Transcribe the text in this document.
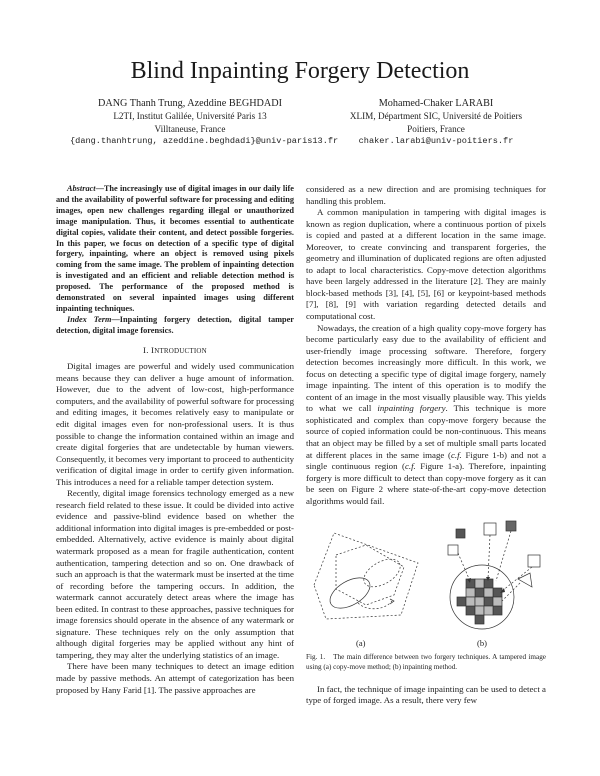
Blind Inpainting Forgery Detection
DANG Thanh Trung, Azeddine BEGHDADI
L2TI, Institut Galilée, Université Paris 13
Villtaneuse, France
{dang.thanhtrung, azeddine.beghdadi}@univ-paris13.fr
Mohamed-Chaker LARABI
XLIM, Départment SIC, Université de Poitiers
Poitiers, France
chaker.larabi@univ-poitiers.fr

Abstract—The increasingly use of digital images in our daily life and the availability of powerful software for processing and editing images, open new challenges regarding illegal or unauthorized image manipulation. Thus, it becomes essential to authenticate digital copies, validate their content, and detect possible forgeries. In this paper, we focus on detection of a specific type of digital forgery, inpainting, where an object is removed using pixels coming from the same image. The problem of inpainting detection is investigated and an efficient and reliable detection method is proposed. The performance of the proposed method is demonstrated on several inpainted images using different inpainting techniques.

Index Term—Inpainting forgery detection, digital tamper detection, digital image forensics.

I. INTRODUCTION

Digital images are powerful and widely used communication means because they can deliver a huge amount of information. However, due to the advent of low-cost, high-performance computers, and the availability of powerful software for processing and editing images, it becomes relatively easy to manipulate or edit digital images even for non-professional users. It is thus possible to change the information contained within an image and create digital forgeries that are undetectable by human viewers. Consequently, it becomes very important to proceed to authenticity verification of digital image in order to certify given information. This introduces a need for a reliable tamper detection system.

Recently, digital image forensics technology emerged as a new research field related to these issue. It could be divided into active evidence and passive-blind evidence based on whether the additional information into digital images is pre-embedded or post-embedded. Alternatively, active evidence is mainly about digital watermark proposed as a mean for fragile authentication, content authentication, tampering detection and so on. One drawback of such an approach is that the watermark must be inserted at the time of recording before the tampering occurs. In addition, the watermark cannot accurately detect areas where the image has been edited. In contrast to these approaches, passive techniques for image forensics should operate in the absence of any watermark or signature. These techniques rely on the only assumption that although digital forgeries may be applied without any hint of tampering, they may alter the underlying statistics of an image.

There have been many techniques to detect an image edition made by passive methods. An attempt of categorization has been proposed by Hany Farid [1]. The passive approaches are

considered as a new direction and are promising techniques for handling this problem.

A common manipulation in tampering with digital images is known as region duplication, where a continuous portion of pixels is copied and pasted at a different location in the same image. Moreover, to create convincing and transparent forgeries, the geometry and illumination of duplicated regions are often adjusted to adapt to local characteristics. Copy-move detection algorithms have been largely addressed in the literature [2]. They are mainly block-based methods [3], [4], [5], [6] or keypoint-based methods [7], [8], [9] with variation regarding detected details and computational cost.

Nowadays, the creation of a high quality copy-move forgery has become particularly easy due to the availability of efficient and user-friendly image processing software. Therefore, forgery detection becomes increasingly more difficult. In this work, we focus on detecting a specific type of digital image forgery, namely image inpainting. The intent of this operation is to modify the content of an image in the most visually plausible way. This yields to what we call inpainting forgery. This technique is more sophisticated and complex than copy-move forgery because the source of copied information could be non-continuous. This means that an object may be filled by a set of multiple small parts located at different places in the same image (c.f. Figure 1-b) and not a single continuous region (c.f. Figure 1-a). Therefore, inpainting forgery is more difficult to detect than copy-move forgery as it can be seen on Figure 2 where state-of-the-art copy-move detection algorithms would fail.

(a)	(b)
Fig. 1. The main difference between two forgery techniques. A tampered image using (a) copy-move method; (b) inpainting method.

In fact, the technique of image inpainting can be used to detect a type of forged image. As a result, there very few
